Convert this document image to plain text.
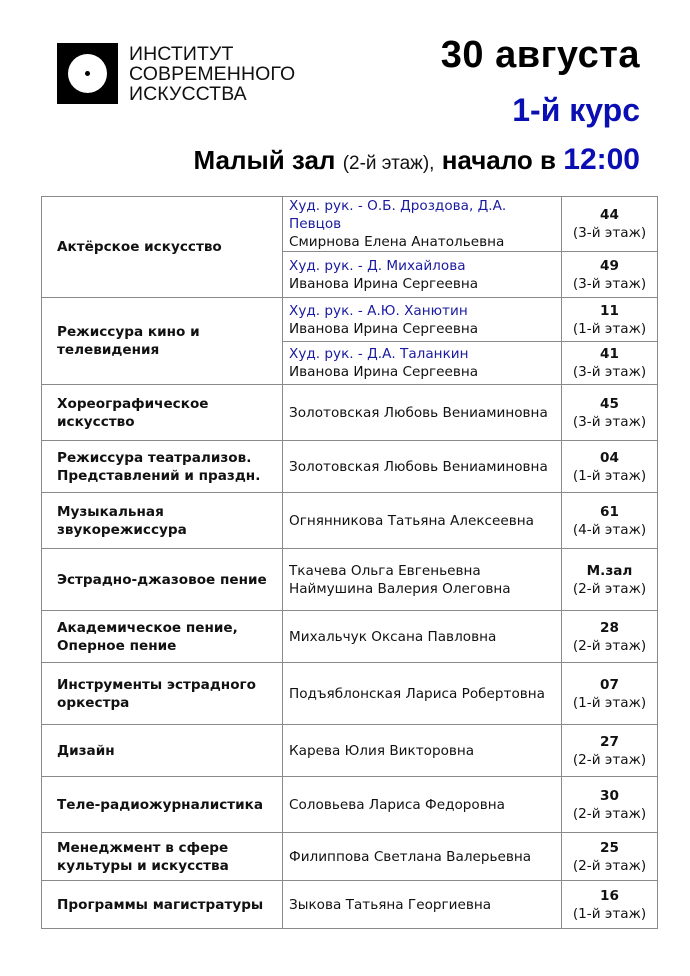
ИНСТИТУТ
СОВРЕМЕННОГО
ИСКУССТВА
30 августа
1-й курс
Малый зал (2-й этаж), начало в 12:00
Актёрское искусство	Худ. рук. - О.Б. Дроздова, Д.А. Певцов
Смирнова Елена Анатольевна	44
(3-й этаж)

	Худ. рук. - Д. Михайлова
Иванова Ирина Сергеевна	49
(3-й этаж)

Режиссура кино и телевидения	Худ. рук. - А.Ю. Ханютин
Иванова Ирина Сергеевна	11
(1-й этаж)

	Худ. рук. - Д.А. Таланкин
Иванова Ирина Сергеевна	41
(3-й этаж)

Хореографическое искусство	Золотовская Любовь Вениаминовна	45
(3-й этаж)

Режиссура театрализов. Представлений и праздн.	Золотовская Любовь Вениаминовна	04
(1-й этаж)

Музыкальная звукорежиссура	Огнянникова Татьяна Алексеевна	61
(4-й этаж)

Эстрадно-джазовое пение	Ткачева Ольга Евгеньевна
Наймушина Валерия Олеговна	М.зал
(2-й этаж)

Академическое пение, Оперное пение	Михальчук Оксана Павловна	28
(2-й этаж)

Инструменты эстрадного оркестра	Подъяблонская Лариса Робертовна	07
(1-й этаж)

Дизайн	Карева Юлия Викторовна	27
(2-й этаж)

Теле-радиожурналистика	Соловьева Лариса Федоровна	30
(2-й этаж)

Менеджмент в сфере культуры и искусства	Филиппова Светлана Валерьевна	25
(2-й этаж)

Программы магистратуры	Зыкова Татьяна Георгиевна	16
(1-й этаж)
